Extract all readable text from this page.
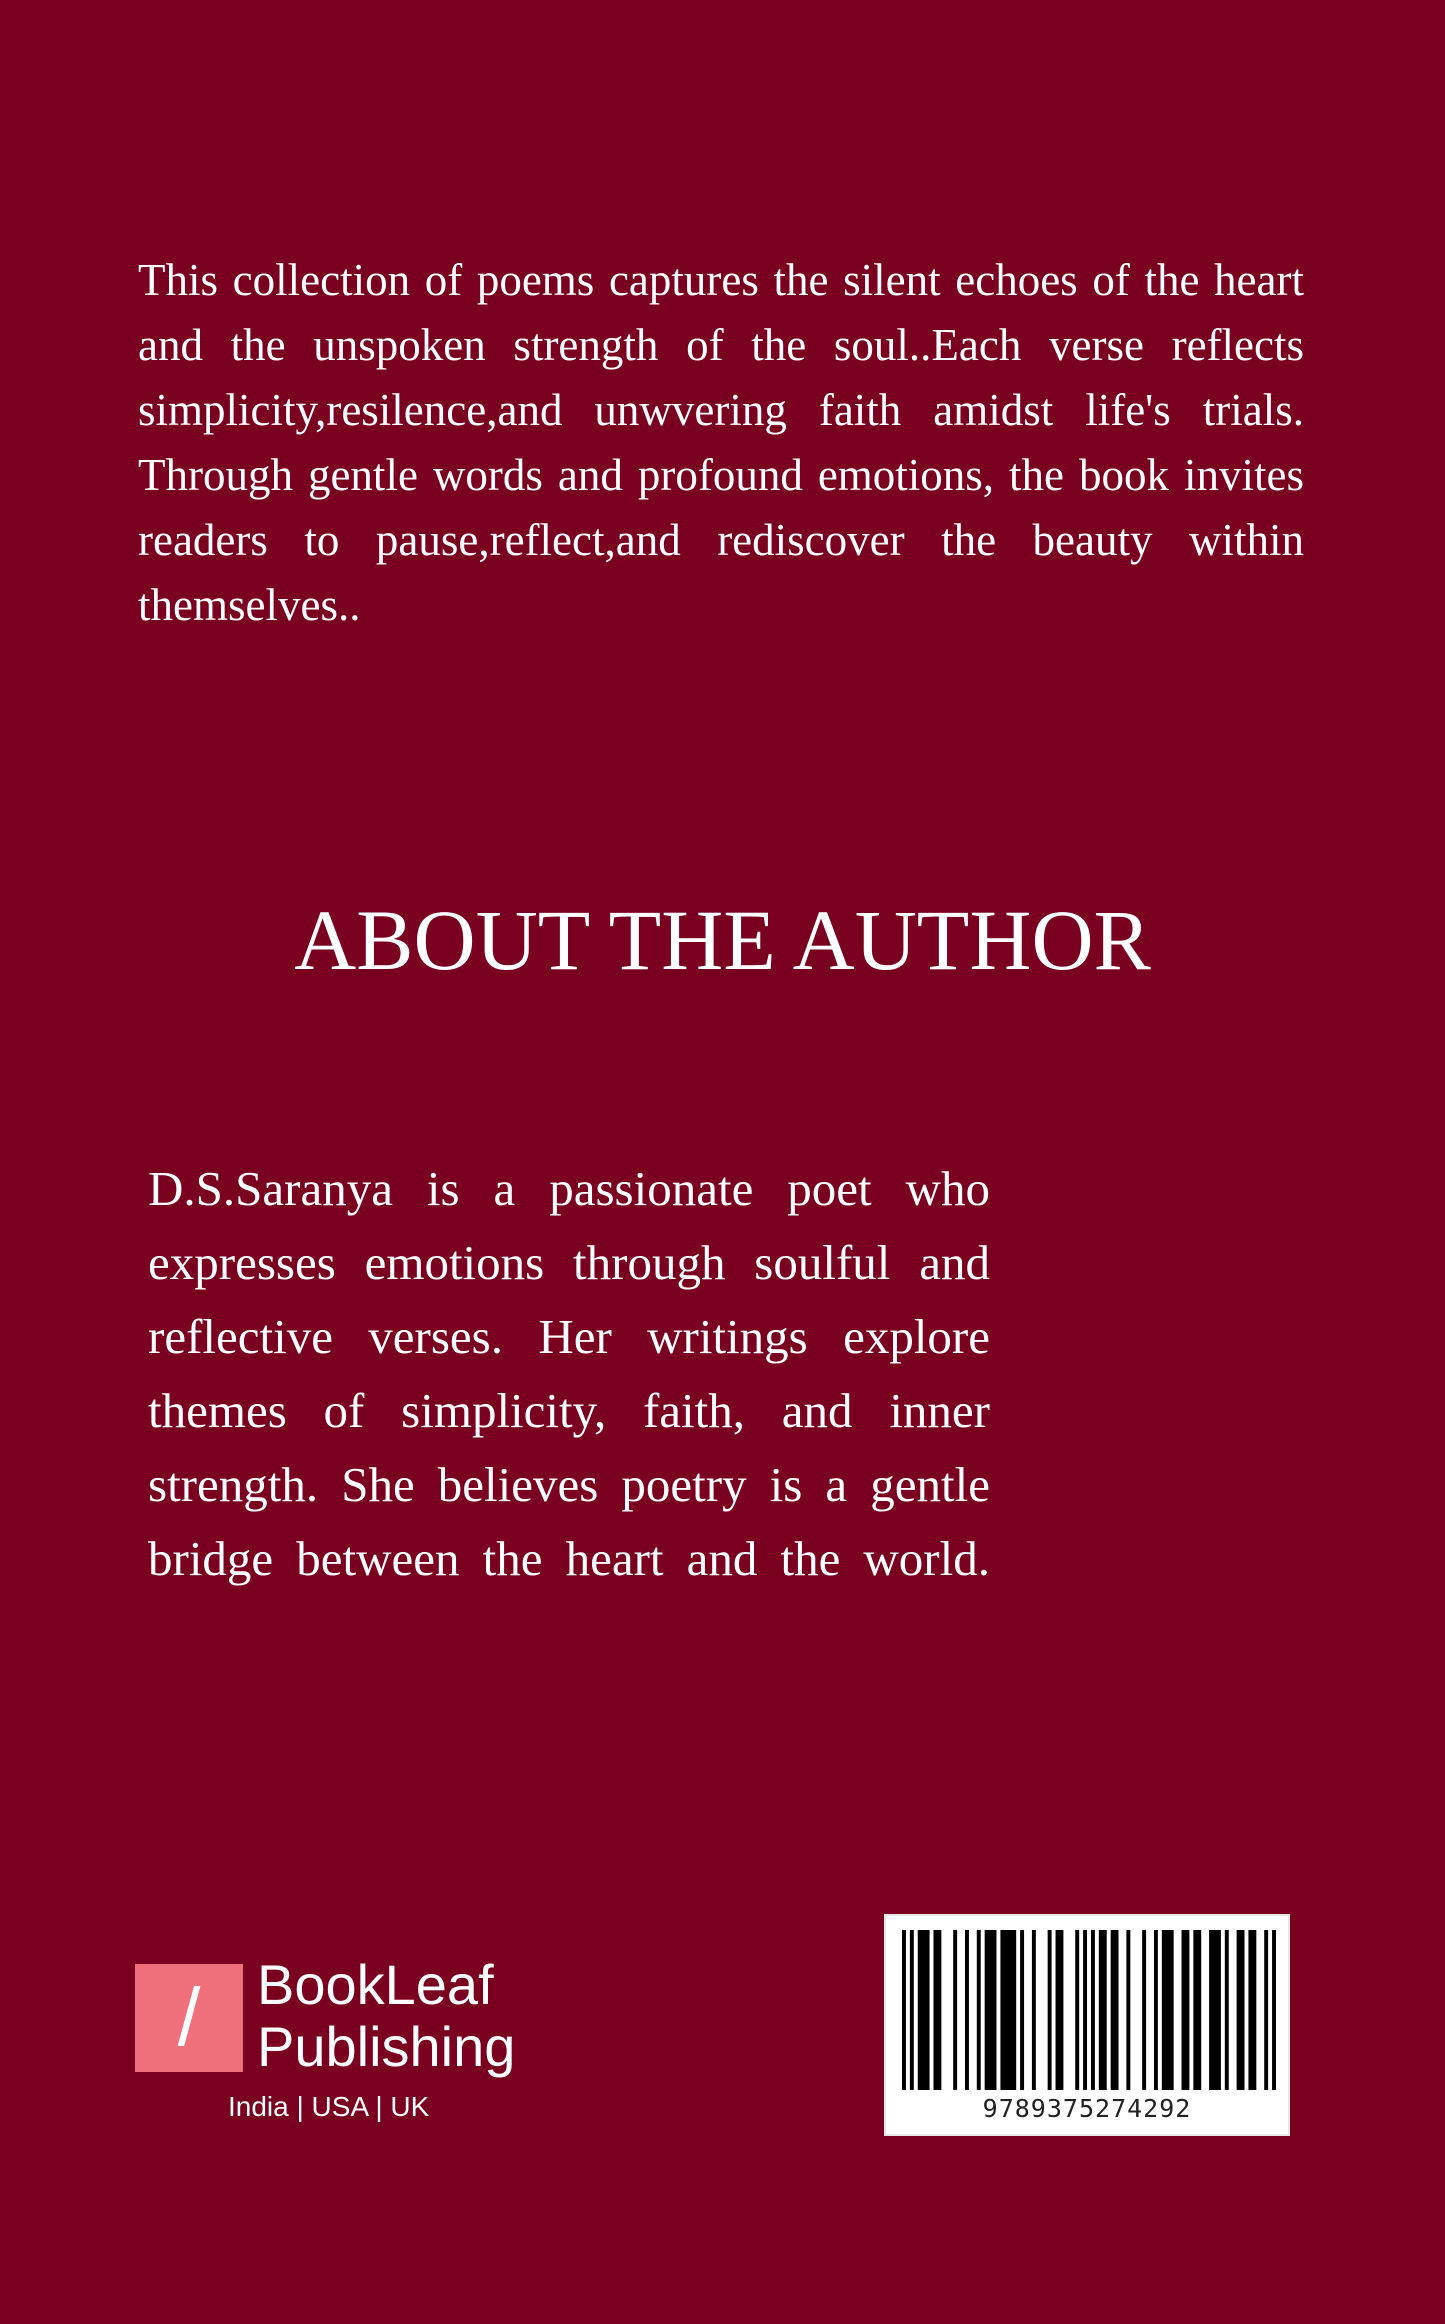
This collection of poems captures the silent echoes of the heart and the unspoken strength of the soul..Each verse reflects simplicity,resilence,and unwvering faith amidst life's trials. Through gentle words and profound emotions, the book invites readers to pause,reflect,and rediscover the beauty within themselves..
ABOUT THE AUTHOR
D.S.Saranya is a passionate poet who expresses emotions through soulful and reflective verses. Her writings explore themes of simplicity, faith, and inner strength. She believes poetry is a gentle bridge between the heart and the world.
/	BookLeaf
Publishing
India | USA | UK	9789375274292
